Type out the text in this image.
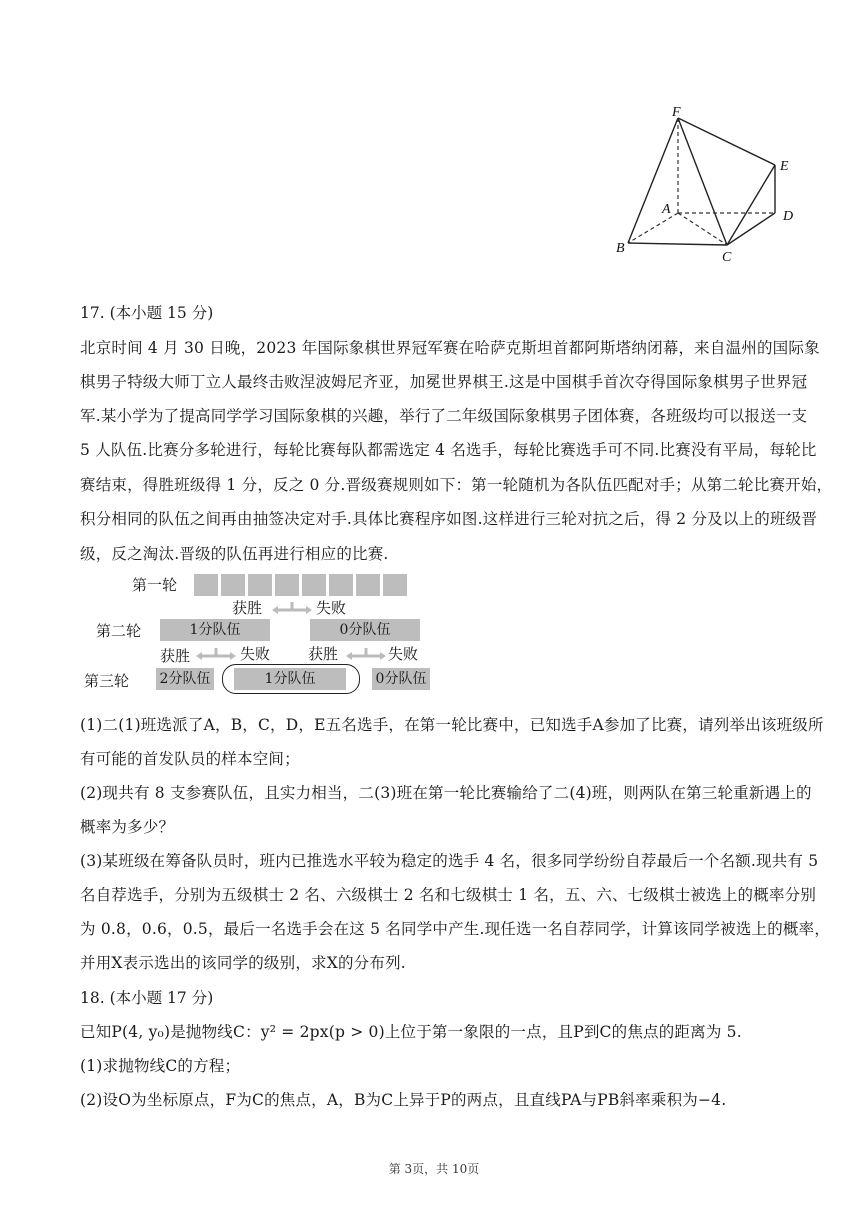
F
E
A	D
B
C
17. (本小题 15 分)
北京时间 4 月 30 日晚，2023 年国际象棋世界冠军赛在哈萨克斯坦首都阿斯塔纳闭幕，来自温州的国际象
棋男子特级大师丁立人最终击败涅波姆尼齐亚，加冕世界棋王.这是中国棋手首次夺得国际象棋男子世界冠
军.某小学为了提高同学学习国际象棋的兴趣，举行了二年级国际象棋男子团体赛，各班级均可以报送一支
5 人队伍.比赛分多轮进行，每轮比赛每队都需选定 4 名选手，每轮比赛选手可不同.比赛没有平局，每轮比
赛结束，得胜班级得 1 分，反之 0 分.晋级赛规则如下：第一轮随机为各队伍匹配对手；从第二轮比赛开始，
积分相同的队伍之间再由抽签决定对手.具体比赛程序如图.这样进行三轮对抗之后，得 2 分及以上的班级晋
级，反之淘汰.晋级的队伍再进行相应的比赛.
第一轮
获胜	失败
第二轮	1分队伍	0分队伍
获胜	失败	获胜	失败
第三轮 2分队伍	1分队伍	0分队伍
(1)二(1)班选派了A，B，C，D，E五名选手，在第一轮比赛中，已知选手A参加了比赛，请列举出该班级所
有可能的首发队员的样本空间；
(2)现共有 8 支参赛队伍，且实力相当，二(3)班在第一轮比赛输给了二(4)班，则两队在第三轮重新遇上的
概率为多少？
(3)某班级在筹备队员时，班内已推选水平较为稳定的选手 4 名，很多同学纷纷自荐最后一个名额.现共有 5
名自荐选手，分别为五级棋士 2 名、六级棋士 2 名和七级棋士 1 名，五、六、七级棋士被选上的概率分别
为 0.8，0.6，0.5，最后一名选手会在这 5 名同学中产生.现任选一名自荐同学，计算该同学被选上的概率，
并用X表示选出的该同学的级别，求X的分布列.
18. (本小题 17 分)
已知P(4, y₀)是抛物线C：y² = 2px(p > 0)上位于第一象限的一点，且P到C的焦点的距离为 5.
(1)求抛物线C的方程；
(2)设O为坐标原点，F为C的焦点，A，B为C上异于P的两点，且直线PA与PB斜率乘积为−4.
第 3页，共 10页
